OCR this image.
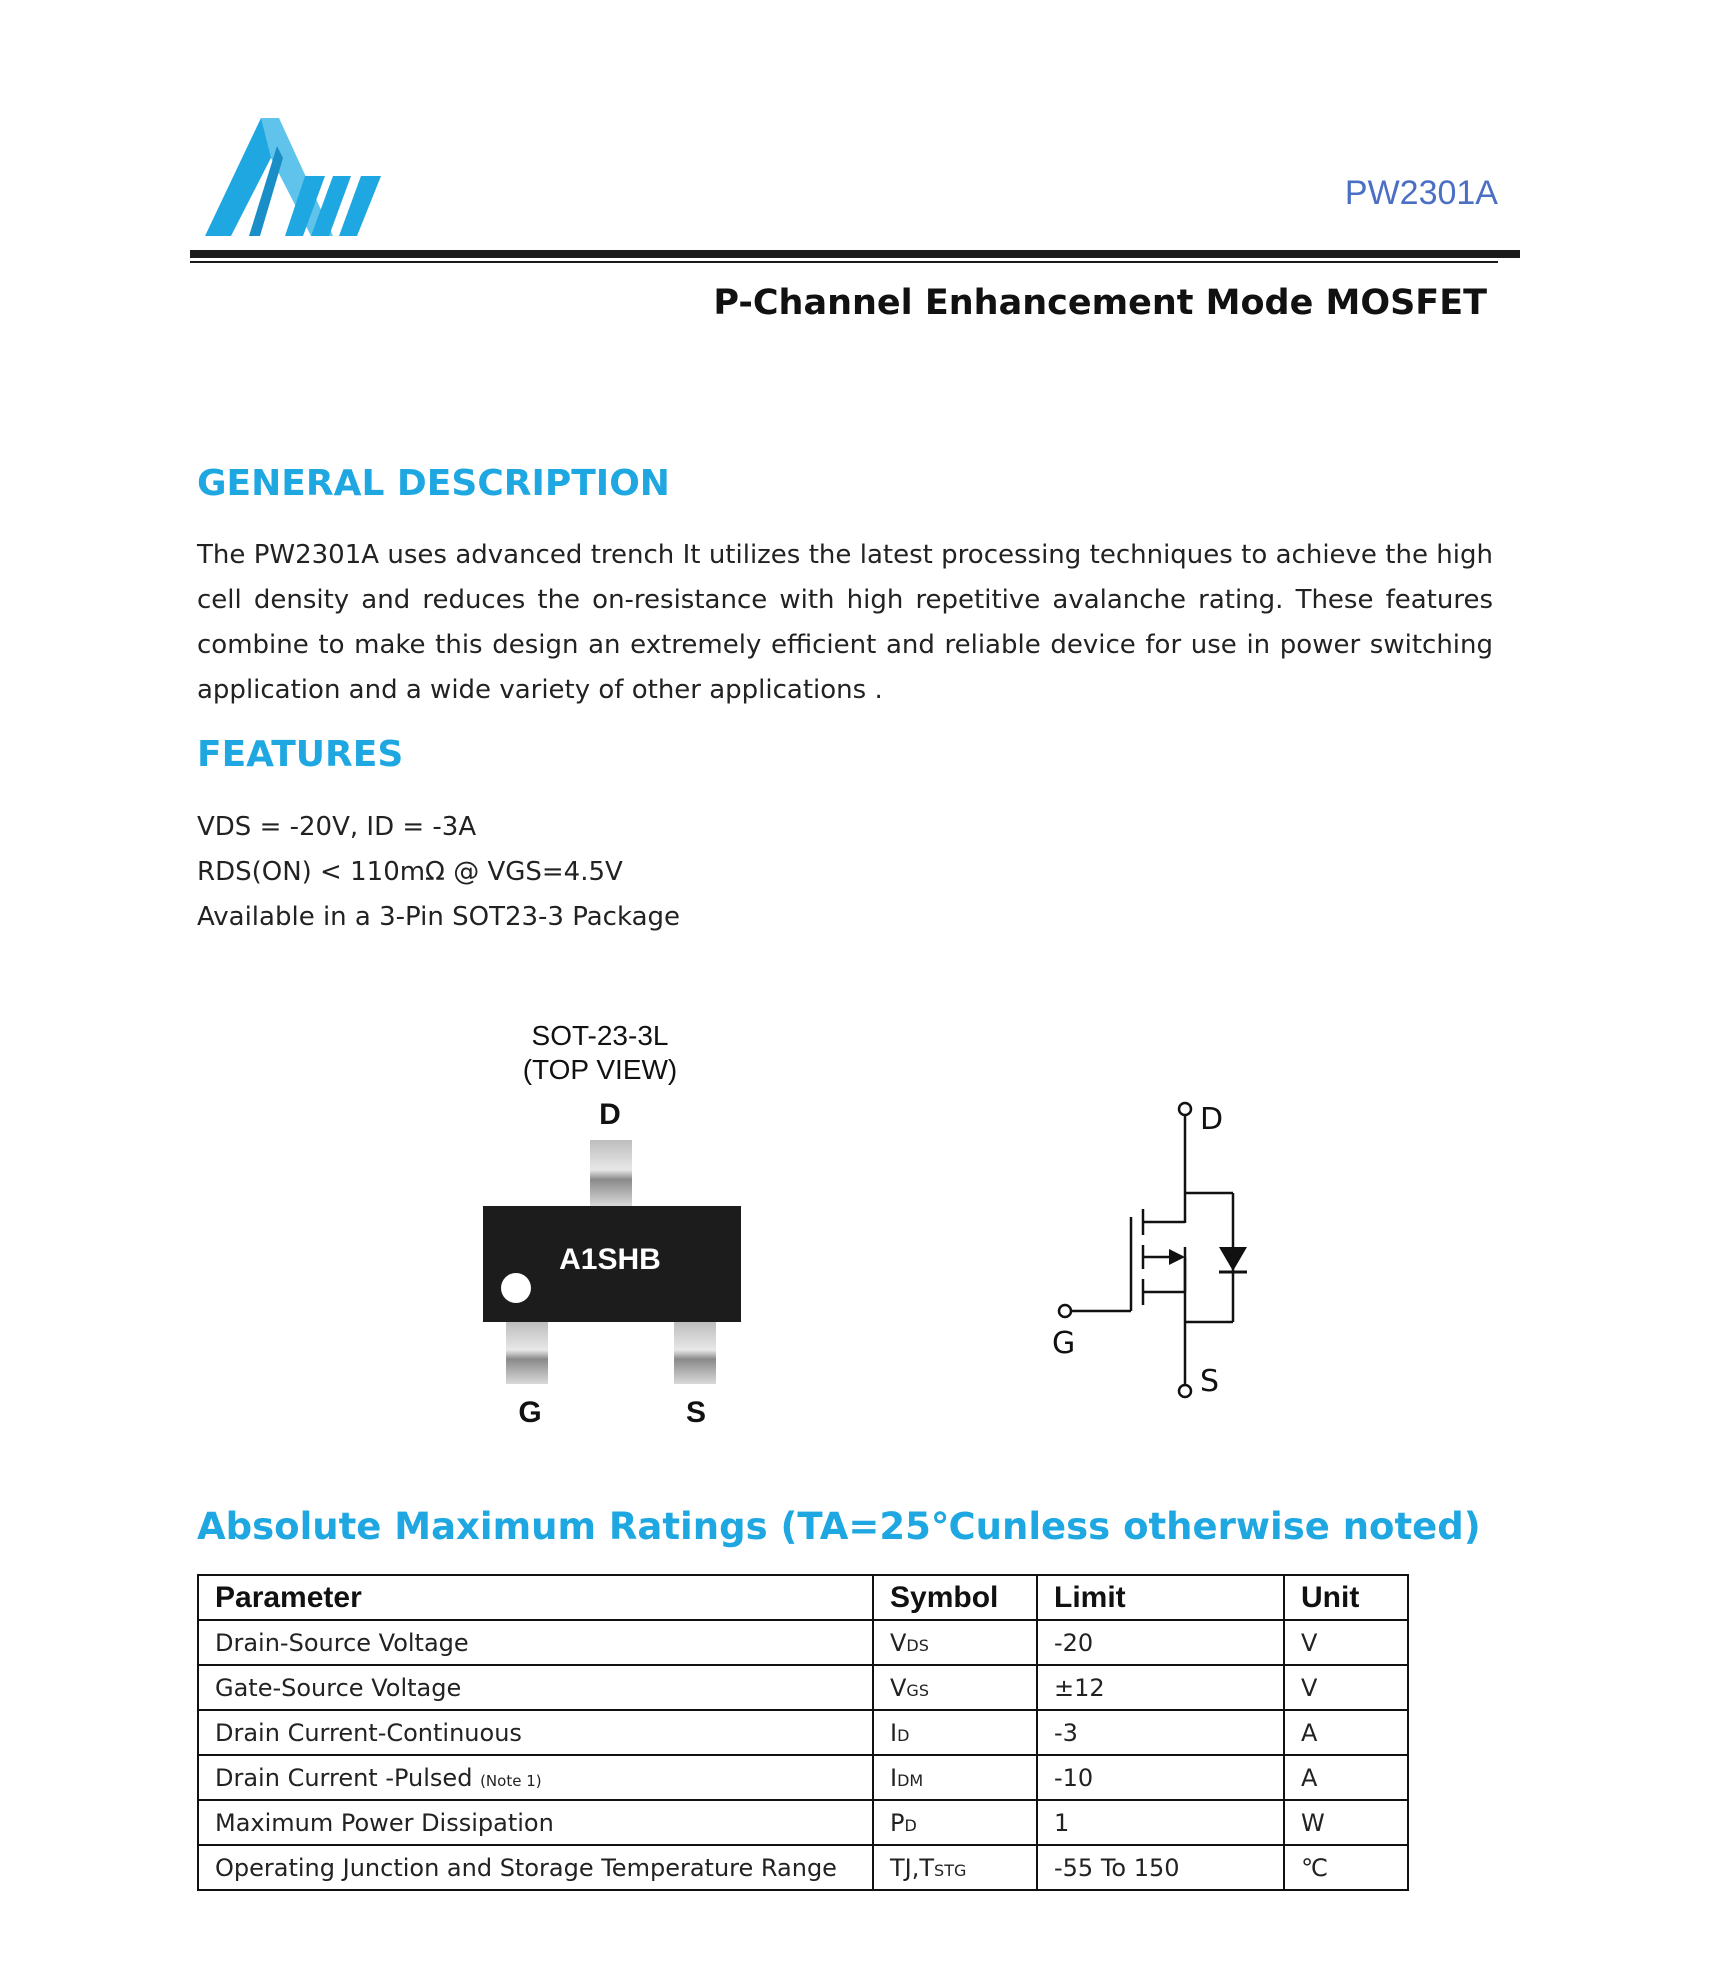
PW2301A
P-Channel Enhancement Mode MOSFET
GENERAL DESCRIPTION
The PW2301A uses advanced trench It utilizes the latest processing techniques to achieve the high cell density and reduces the on-resistance with high repetitive avalanche rating. These features combine to make this design an extremely efficient and reliable device for use in power switching application and a wide variety of other applications .
FEATURES
VDS = -20V, ID = -3A
RDS(ON) < 110mΩ @ VGS=4.5V
Available in a 3-Pin SOT23-3 Package
SOT-23-3L
(TOP VIEW)
D
A1SHB
G	S
D
G
S
Absolute Maximum Ratings (TA=25℃unless otherwise noted)
Parameter	Symbol	Limit	Unit
Drain-Source Voltage	VDS	-20	V
Gate-Source Voltage	VGS	±12	V
Drain Current-Continuous	ID	-3	A
Drain Current -Pulsed (Note 1)	IDM	-10	A
Maximum Power Dissipation	PD	1	W
Operating Junction and Storage Temperature Range	TJ,TSTG	-55 To 150	℃
